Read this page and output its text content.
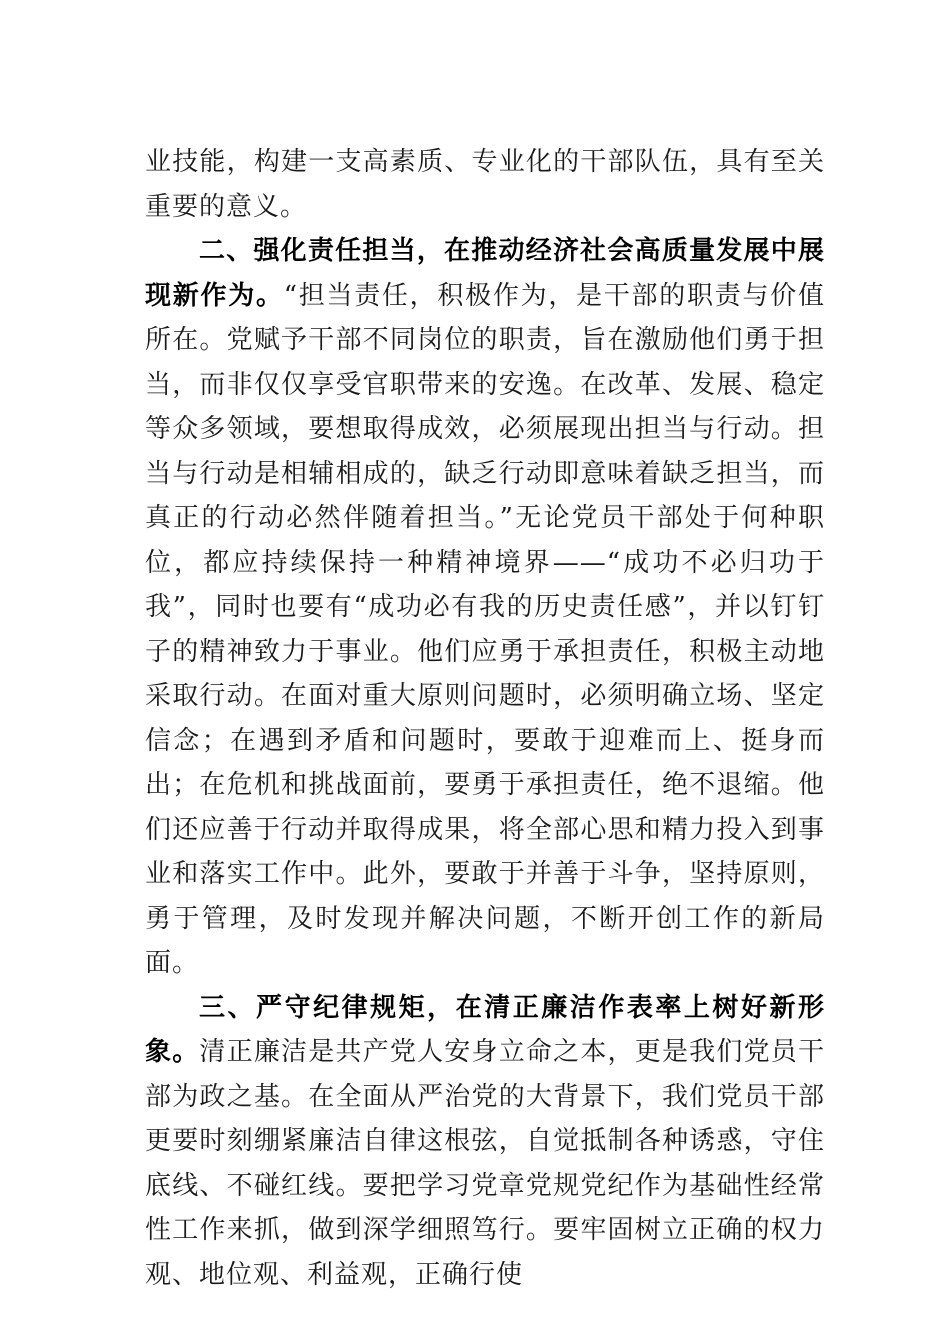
业技能，构建一支高素质、专业化的干部队伍，具有至关重要的意义。

二、强化责任担当，在推动经济社会高质量发展中展现新作为。“担当责任，积极作为，是干部的职责与价值所在。党赋予干部不同岗位的职责，旨在激励他们勇于担当，而非仅仅享受官职带来的安逸。在改革、发展、稳定等众多领域，要想取得成效，必须展现出担当与行动。担当与行动是相辅相成的，缺乏行动即意味着缺乏担当，而真正的行动必然伴随着担当。”无论党员干部处于何种职位，都应持续保持一种精神境界——“成功不必归功于我”，同时也要有“成功必有我的历史责任感”，并以钉钉子的精神致力于事业。他们应勇于承担责任，积极主动地采取行动。在面对重大原则问题时，必须明确立场、坚定信念；在遇到矛盾和问题时，要敢于迎难而上、挺身而出；在危机和挑战面前，要勇于承担责任，绝不退缩。他们还应善于行动并取得成果，将全部心思和精力投入到事业和落实工作中。此外，要敢于并善于斗争，坚持原则，勇于管理，及时发现并解决问题，不断开创工作的新局面。

三、严守纪律规矩，在清正廉洁作表率上树好新形象。清正廉洁是共产党人安身立命之本，更是我们党员干部为政之基。在全面从严治党的大背景下，我们党员干部更要时刻绷紧廉洁自律这根弦，自觉抵制各种诱惑，守住底线、不碰红线。要把学习党章党规党纪作为基础性经常性工作来抓，做到深学细照笃行。要牢固树立正确的权力观、地位观、利益观，正确行使
